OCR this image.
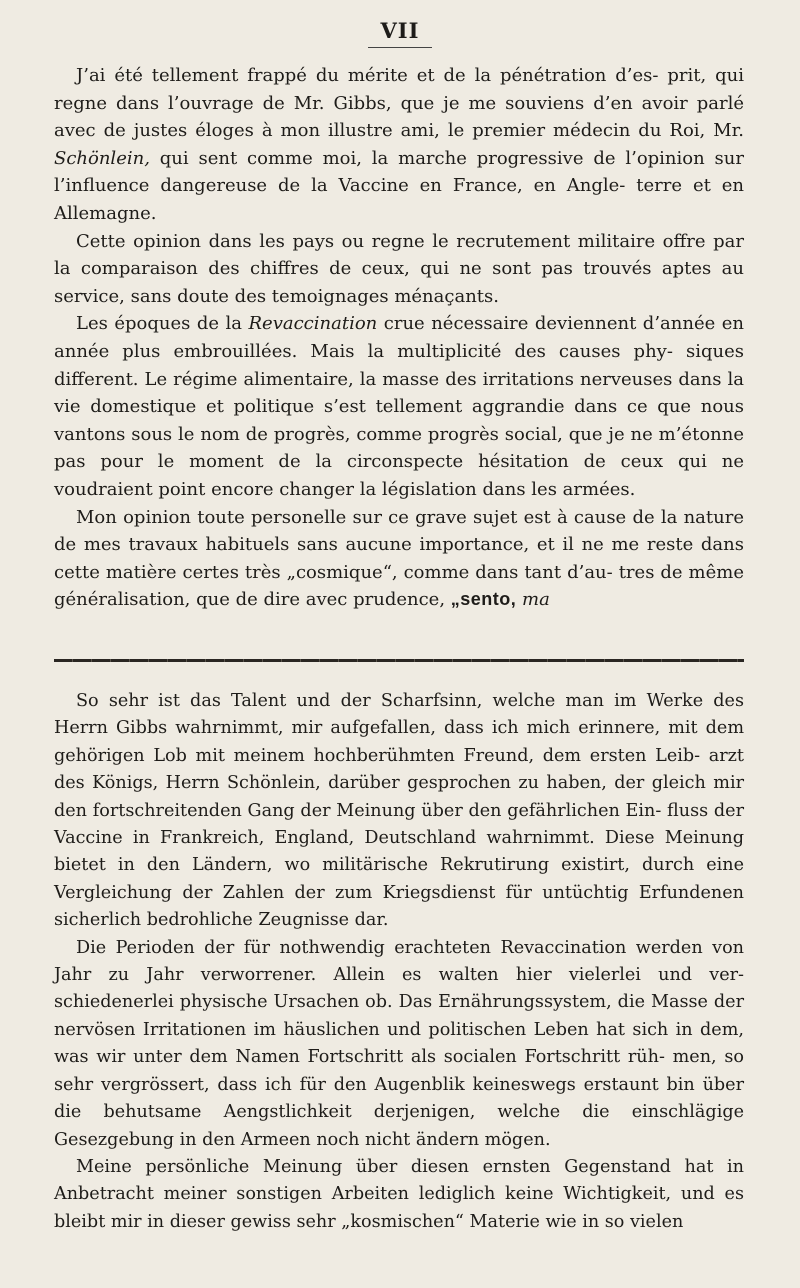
VII

J’ai été tellement frappé du mérite et de la pénétration d’es- prit, qui regne dans l’ouvrage de Mr. Gibbs, que je me souviens d’en avoir parlé avec de justes éloges à mon illustre ami, le premier médecin du Roi, Mr. Schönlein, qui sent comme moi, la marche progressive de l’opinion sur l’influence dangereuse de la Vaccine en France, en Angle- terre et en Allemagne.

Cette opinion dans les pays ou regne le recrutement militaire offre par la comparaison des chiffres de ceux, qui ne sont pas trouvés aptes au service, sans doute des temoignages ménaçants.

Les époques de la Revaccination crue nécessaire deviennent d’année en année plus embrouillées. Mais la multiplicité des causes phy- siques different. Le régime alimentaire, la masse des irritations nerveuses dans la vie domestique et politique s’est tellement aggrandie dans ce que nous vantons sous le nom de progrès, comme progrès social, que je ne m’étonne pas pour le moment de la circonspecte hésitation de ceux qui ne voudraient point encore changer la législation dans les armées.

Mon opinion toute personelle sur ce grave sujet est à cause de la nature de mes travaux habituels sans aucune importance, et il ne me reste dans cette matière certes très „cosmique“, comme dans tant d’au- tres de même généralisation, que de dire avec prudence, „sento, ma

So sehr ist das Talent und der Scharfsinn, welche man im Werke des Herrn Gibbs wahrnimmt, mir aufgefallen, dass ich mich erinnere, mit dem gehörigen Lob mit meinem hochberühmten Freund, dem ersten Leib- arzt des Königs, Herrn Schönlein, darüber gesprochen zu haben, der gleich mir den fortschreitenden Gang der Meinung über den gefährlichen Ein- fluss der Vaccine in Frankreich, England, Deutschland wahrnimmt. Diese Meinung bietet in den Ländern, wo militärische Rekrutirung existirt, durch eine Vergleichung der Zahlen der zum Kriegsdienst für untüchtig Erfundenen sicherlich bedrohliche Zeugnisse dar.

Die Perioden der für nothwendig erachteten Revaccination werden von Jahr zu Jahr verworrener. Allein es walten hier vielerlei und ver- schiedenerlei physische Ursachen ob. Das Ernährungssystem, die Masse der nervösen Irritationen im häuslichen und politischen Leben hat sich in dem, was wir unter dem Namen Fortschritt als socialen Fortschritt rüh- men, so sehr vergrössert, dass ich für den Augenblik keineswegs erstaunt bin über die behutsame Aengstlichkeit derjenigen, welche die einschlägige Gesezgebung in den Armeen noch nicht ändern mögen.

Meine persönliche Meinung über diesen ernsten Gegenstand hat in Anbetracht meiner sonstigen Arbeiten lediglich keine Wichtigkeit, und es bleibt mir in dieser gewiss sehr „kosmischen“ Materie wie in so vielen
